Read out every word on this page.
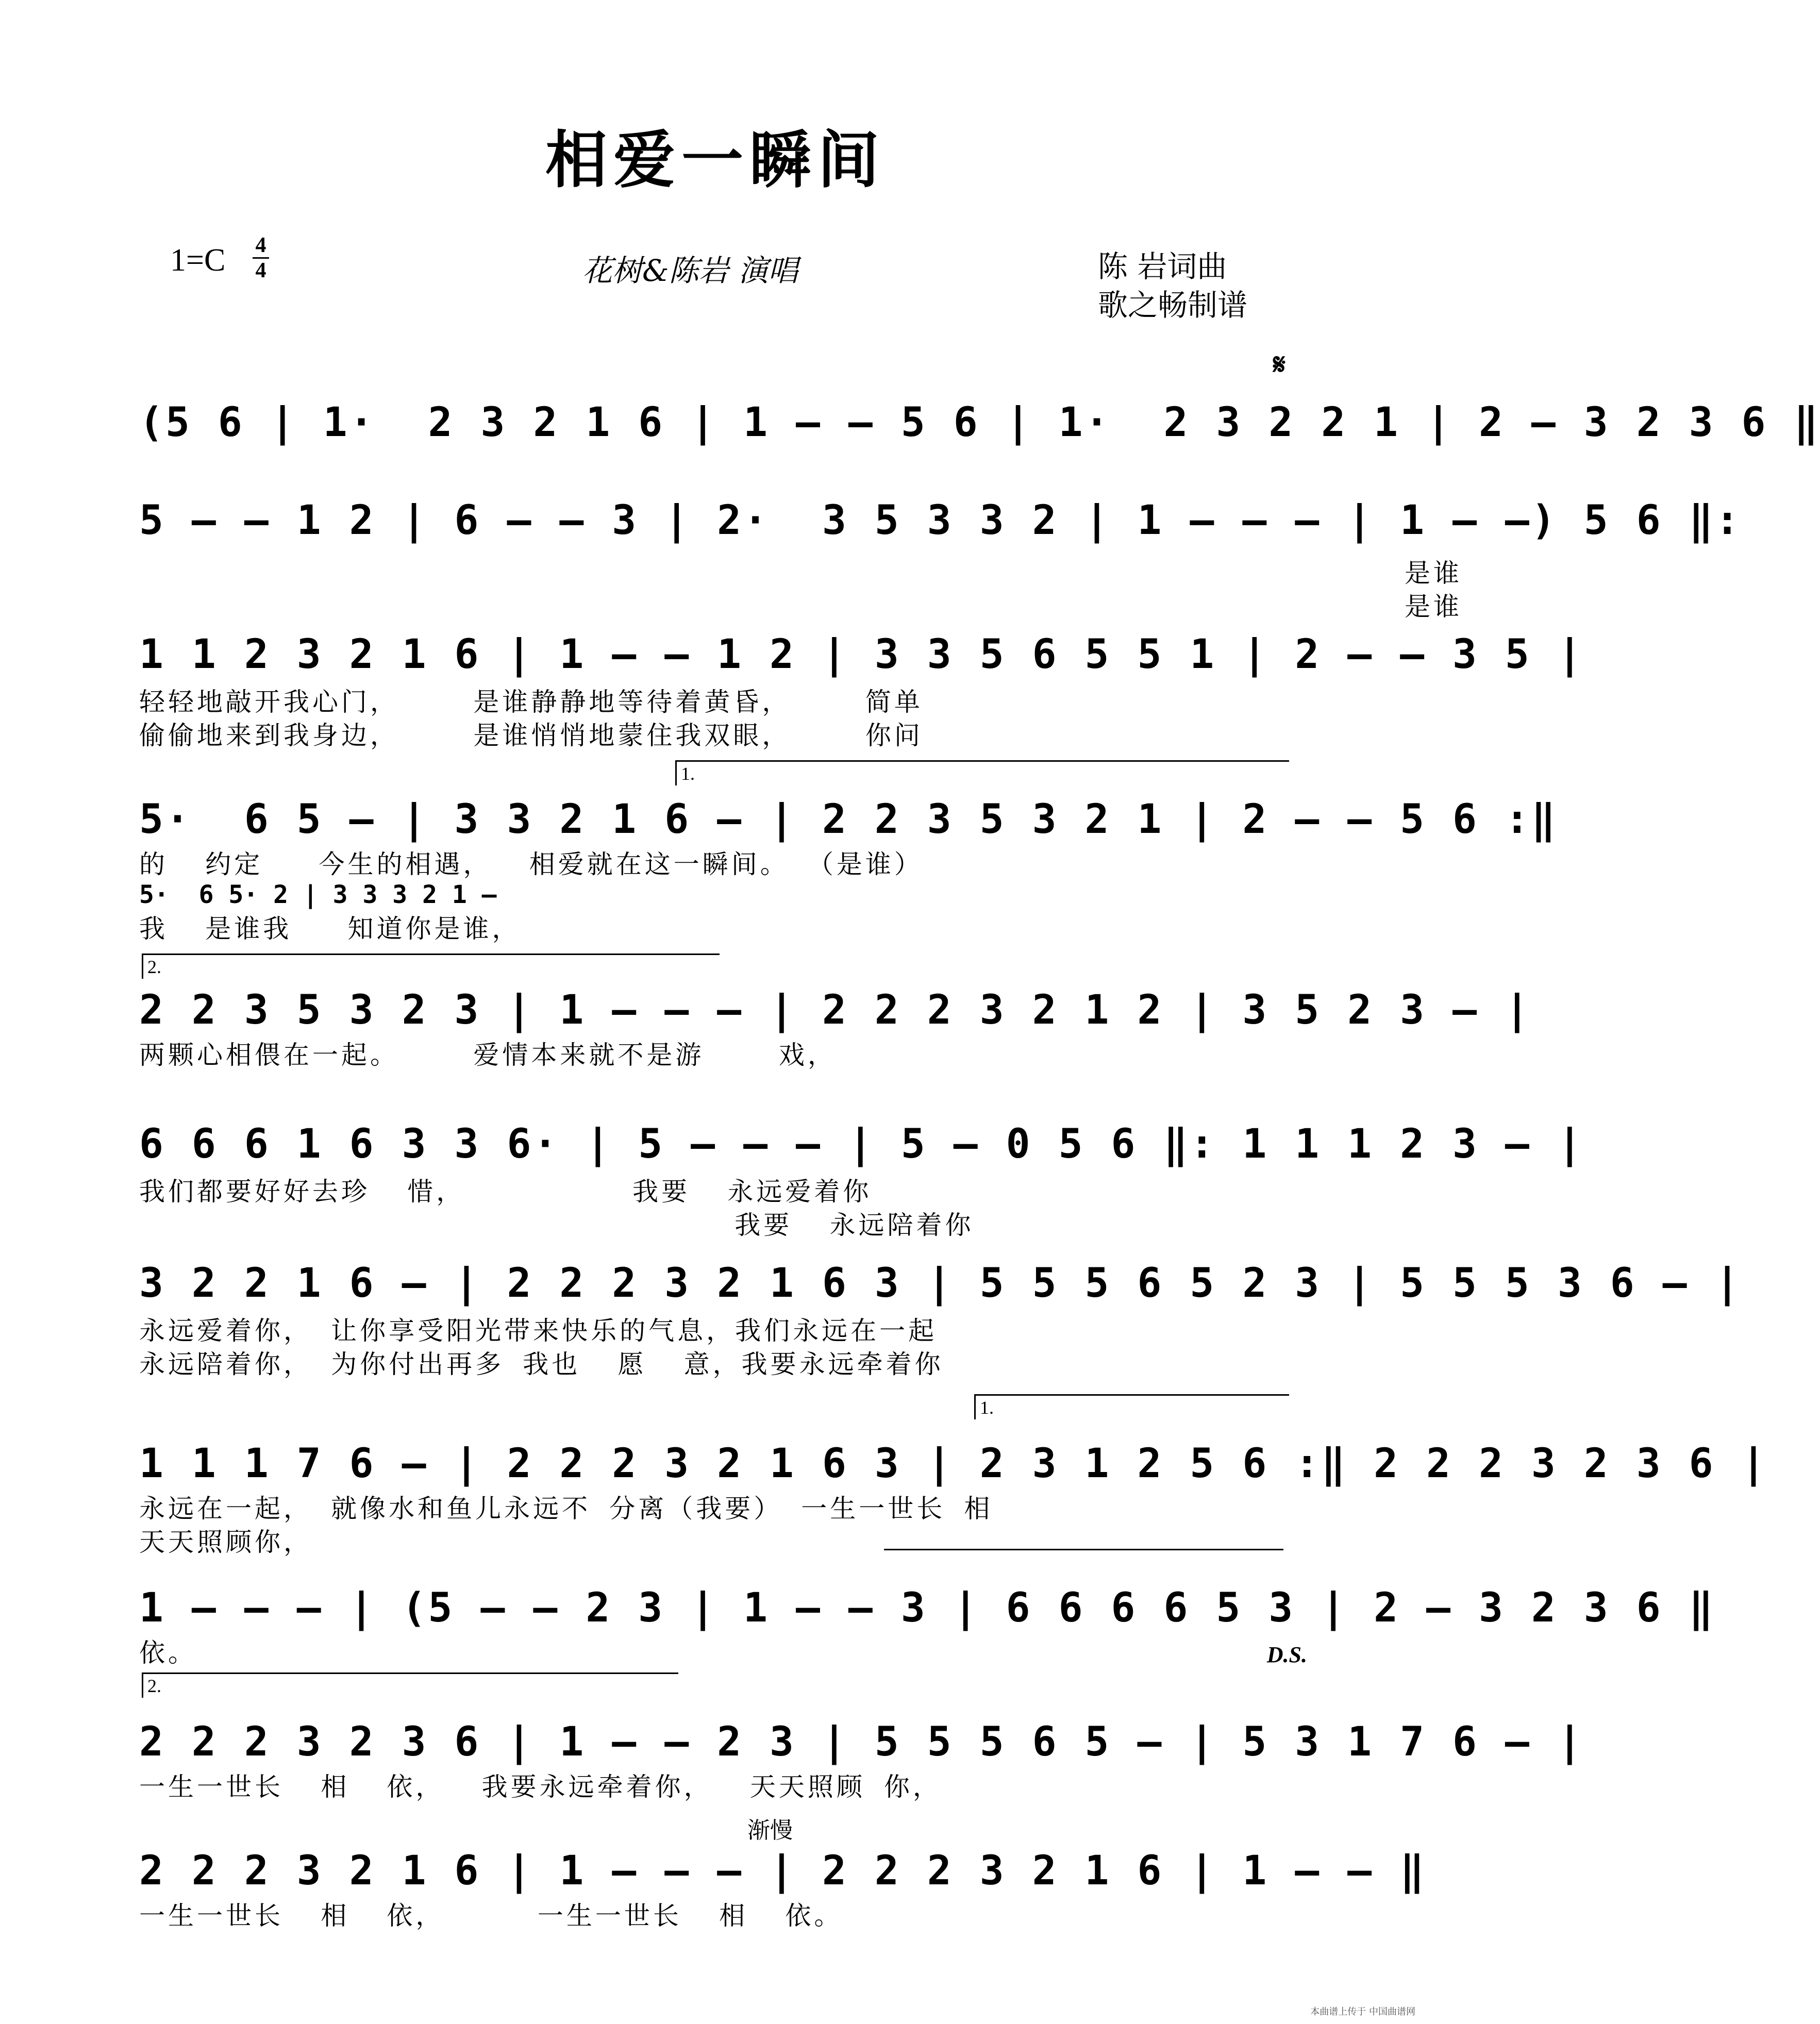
相爱一瞬间
1=C 4
4	花树&陈岩 演唱	陈 岩词曲
歌之畅制谱
𝄋
(5 6 | 1·  2 3 2 1 6 | 1 – – 5 6 | 1·  2 3 2 2 1 | 2 – 3 2 3 6 ‖
5 – – 1 2 | 6 – – 3 | 2·  3 5 3 3 2 | 1 – – – | 1 – –) 5 6 ‖:
是谁
是谁
1 1 2 3 2 1 6 | 1 – – 1 2 | 3 3 5 6 5 5 1 | 2 – – 3 5 |
轻轻地敲开我心门，    是谁静静地等待着黄昏，    简单
偷偷地来到我身边，    是谁悄悄地蒙住我双眼，    你问
1.
5·  6 5 – | 3 3 2 1 6 – | 2 2 3 5 3 2 1 | 2 – – 5 6 :‖
的  约定   今生的相遇，  相爱就在这一瞬间。 （是谁）
5·  6 5· 2 | 3 3 3 2 1 –
我  是谁我   知道你是谁，
2.
2 2 3 5 3 2 3 | 1 – – – | 2 2 2 3 2 1 2 | 3 5 2 3 – |
两颗心相偎在一起。    爱情本来就不是游    戏，
6 6 6 1 6 3 3 6· | 5 – – – | 5 – 0 5 6 ‖: 1 1 1 2 3 – |
我们都要好好去珍  惜，         我要  永远爱着你
我要  永远陪着你
3 2 2 1 6 – | 2 2 2 3 2 1 6 3 | 5 5 5 6 5 2 3 | 5 5 5 3 6 – |
永远爱着你， 让你享受阳光带来快乐的气息，我们永远在一起
永远陪着你， 为你付出再多 我也  愿  意，我要永远牵着你
1.
1 1 1 7 6 – | 2 2 2 3 2 1 6 3 | 2 3 1 2 5 6 :‖ 2 2 2 3 2 3 6 |
永远在一起， 就像水和鱼儿永远不 分离（我要） 一生一世长 相
天天照顾你，
1 – – – | (5 – – 2 3 | 1 – – 3 | 6 6 6 6 5 3 | 2 – 3 2 3 6 ‖
依。	D.S.
2.
2 2 2 3 2 3 6 | 1 – – 2 3 | 5 5 5 6 5 – | 5 3 1 7 6 – |
一生一世长  相  依，  我要永远牵着你，  天天照顾 你，
渐慢
2 2 2 3 2 1 6 | 1 – – – | 2 2 2 3 2 1 6 | 1 – – ‖
一生一世长  相  依，     一生一世长  相  依。
本曲谱上传于 中国曲谱网
